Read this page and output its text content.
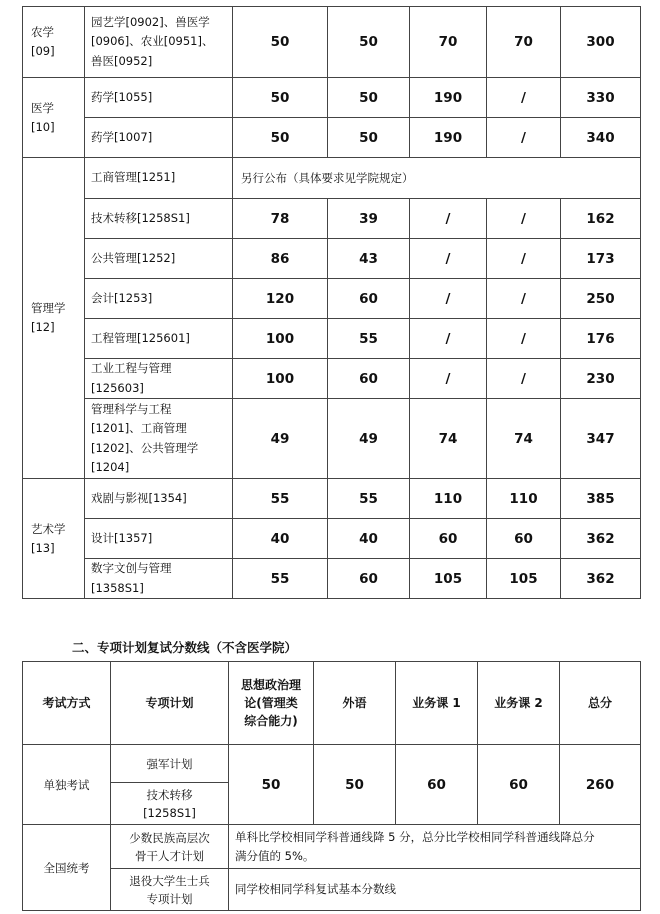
农学
[09]	园艺学[0902]、兽医学
[0906]、农业[0951]、
兽医[0952]	50	50	70	70	300
医学
[10]	药学[1055]	50	50	190	/	330
	药学[1007]	50	50	190	/	340
管理学
[12]	工商管理[1251]	另行公布（具体要求见学院规定）				
	技术转移[1258S1]	78	39	/	/	162
	公共管理[1252]	86	43	/	/	173
	会计[1253]	120	60	/	/	250
	工程管理[125601]	100	55	/	/	176
	工业工程与管理
[125603]	100	60	/	/	230
	管理科学与工程
[1201]、工商管理
[1202]、公共管理学
[1204]	49	49	74	74	347
艺术学
[13]	戏剧与影视[1354]	55	55	110	110	385
	设计[1357]	40	40	60	60	362
	数字文创与管理
[1358S1]	55	60	105	105	362
二、专项计划复试分数线（不含医学院）
考试方式	专项计划	思想政治理
论(管理类
综合能力)	外语	业务课 1	业务课 2	总分
单独考试	强军计划	50	50	60	60	260
	技术转移
[1258S1]					
全国统考	少数民族高层次
骨干人才计划	单科比学校相同学科普通线降 5 分，总分比学校相同学科普通线降总分
满分值的 5%。				
	退役大学生士兵
专项计划	同学校相同学科复试基本分数线				
